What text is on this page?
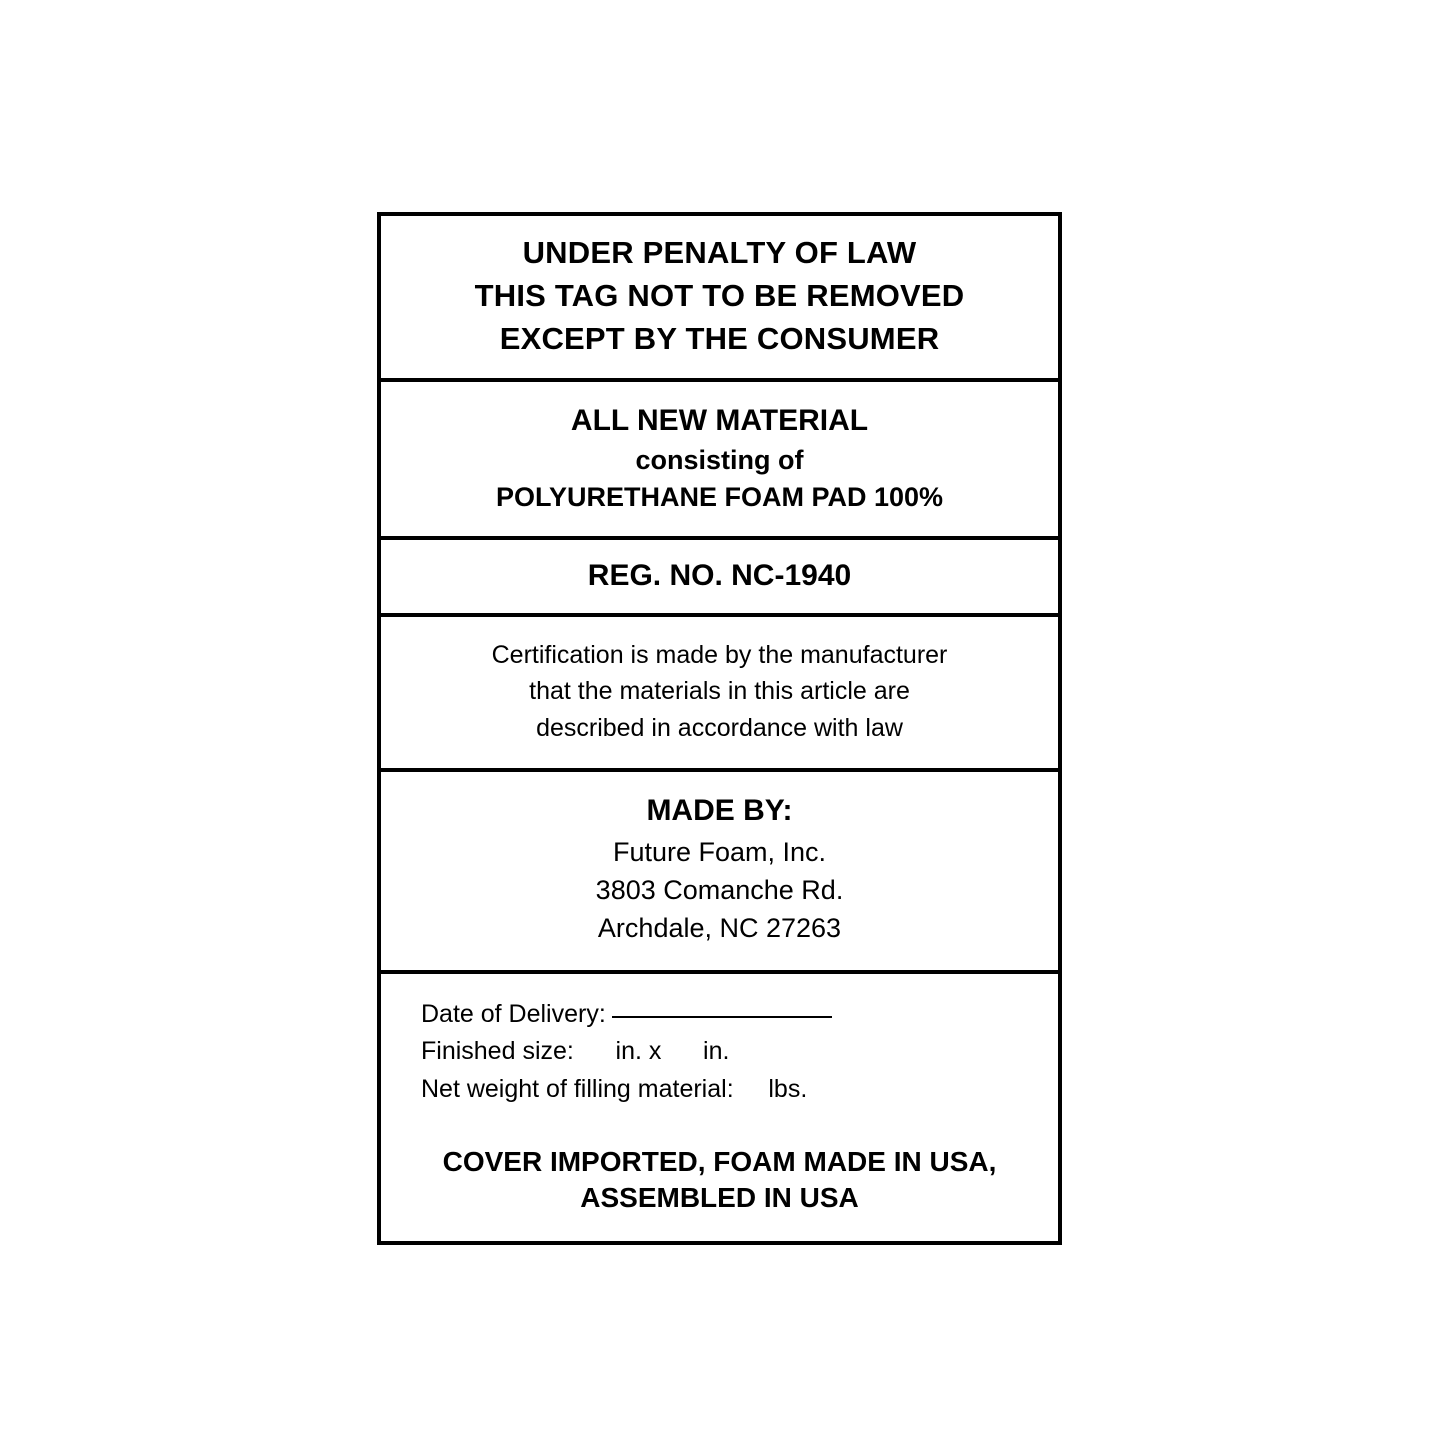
UNDER PENALTY OF LAW
THIS TAG NOT TO BE REMOVED
EXCEPT BY THE CONSUMER
ALL NEW MATERIAL
consisting of
POLYURETHANE FOAM PAD 100%
REG. NO. NC-1940
Certification is made by the manufacturer
that the materials in this article are
described in accordance with law
MADE BY:
Future Foam, Inc.
3803 Comanche Rd.
Archdale, NC 27263
Date of Delivery:
Finished size:      in. x      in.
Net weight of filling material:     lbs.
COVER IMPORTED, FOAM MADE IN USA,
ASSEMBLED IN USA
